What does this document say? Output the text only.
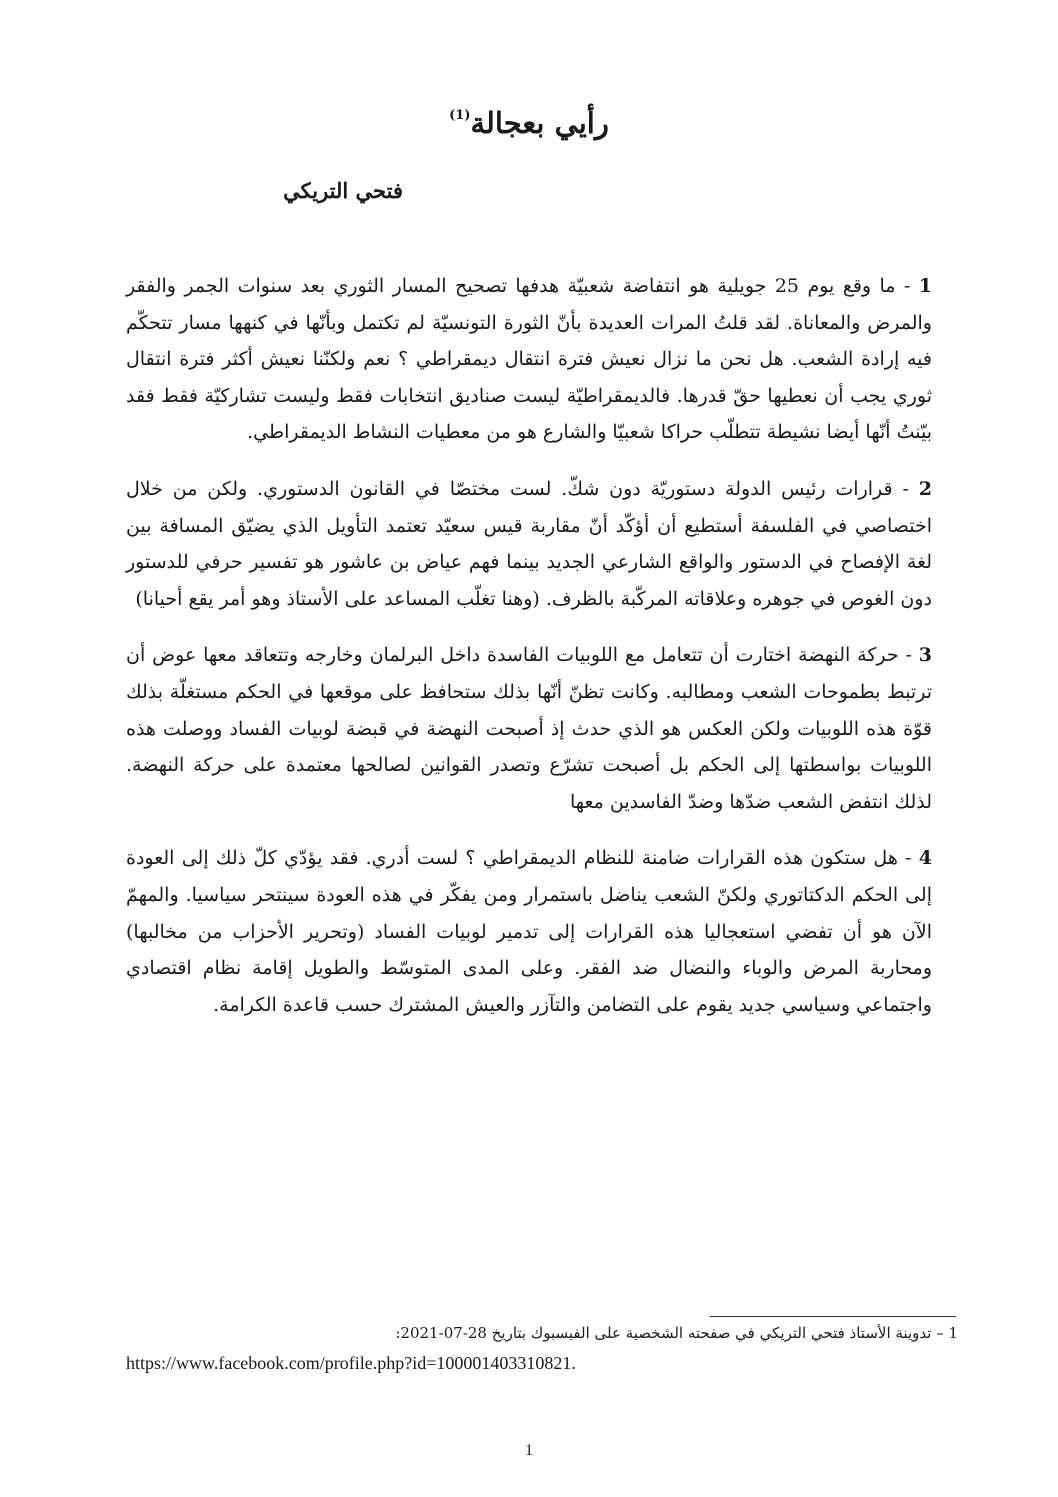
رأيي بعجالة$^{(1)}$
فتحي التريكي

1 - ما وقع يوم 25 جويلية هو انتفاضة شعبيّة هدفها تصحيح المسار الثوري بعد سنوات الجمر والفقر والمرض والمعاناة. لقد قلتُ المرات العديدة بأنّ الثورة التونسيّة لم تكتمل وبأنّها في كنهها مسار تتحكّم فيه إرادة الشعب. هل نحن ما نزال نعيش فترة انتقال ديمقراطي ؟ نعم ولكنّنا نعيش أكثر فترة انتقال ثوري يجب أن نعطيها حقّ قدرها. فالديمقراطيّة ليست صناديق انتخابات فقط وليست تشاركيّة فقط فقد بيّنتُ أنّها أيضا نشيطة تتطلّب حراكا شعبيّا والشارع هو من معطيات النشاط الديمقراطي.

2 - قرارات رئيس الدولة دستوريّة دون شكّ. لست مختصّا في القانون الدستوري. ولكن من خلال اختصاصي في الفلسفة أستطيع أن أؤكّد أنّ مقاربة قيس سعيّد تعتمد التأويل الذي يضيّق المسافة بين لغة الإفصاح في الدستور والواقع الشارعي الجديد بينما فهم عياض بن عاشور هو تفسير حرفي للدستور دون الغوص في جوهره وعلاقاته المركّبة بالظرف. (وهنا تغلّب المساعد على الأستاذ وهو أمر يقع أحيانا)

3 - حركة النهضة اختارت أن تتعامل مع اللوبيات الفاسدة داخل البرلمان وخارجه وتتعاقد معها عوض أن ترتبط بطموحات الشعب ومطالبه. وكانت تظنّ أنّها بذلك ستحافظ على موقعها في الحكم مستغلّة بذلك قوّة هذه اللوبيات ولكن العكس هو الذي حدث إذ أصبحت النهضة في قبضة لوبيات الفساد ووصلت هذه اللوبيات بواسطتها إلى الحكم بل أصبحت تشرّع وتصدر القوانين لصالحها معتمدة على حركة النهضة. لذلك انتفض الشعب ضدّها وضدّ الفاسدين معها

4 - هل ستكون هذه القرارات ضامنة للنظام الديمقراطي ؟ لست أدري. فقد يؤدّي كلّ ذلك إلى العودة إلى الحكم الدكتاتوري ولكنّ الشعب يناضل باستمرار ومن يفكّر في هذه العودة سينتحر سياسيا. والمهمّ الآن هو أن تفضي استعجاليا هذه القرارات إلى تدمير لوبيات الفساد (وتحرير الأحزاب من مخالبها) ومحاربة المرض والوباء والنضال ضد الفقر. وعلى المدى المتوسّط والطويل إقامة نظام اقتصادي واجتماعي وسياسي جديد يقوم على التضامن والتآزر والعيش المشترك حسب قاعدة الكرامة.

1 – تدوينة الأستاذ فتحي التريكي في صفحته الشخصية على الفيسبوك بتاريخ 28-07-2021:
https://www.facebook.com/profile.php?id=100001403310821.
1
